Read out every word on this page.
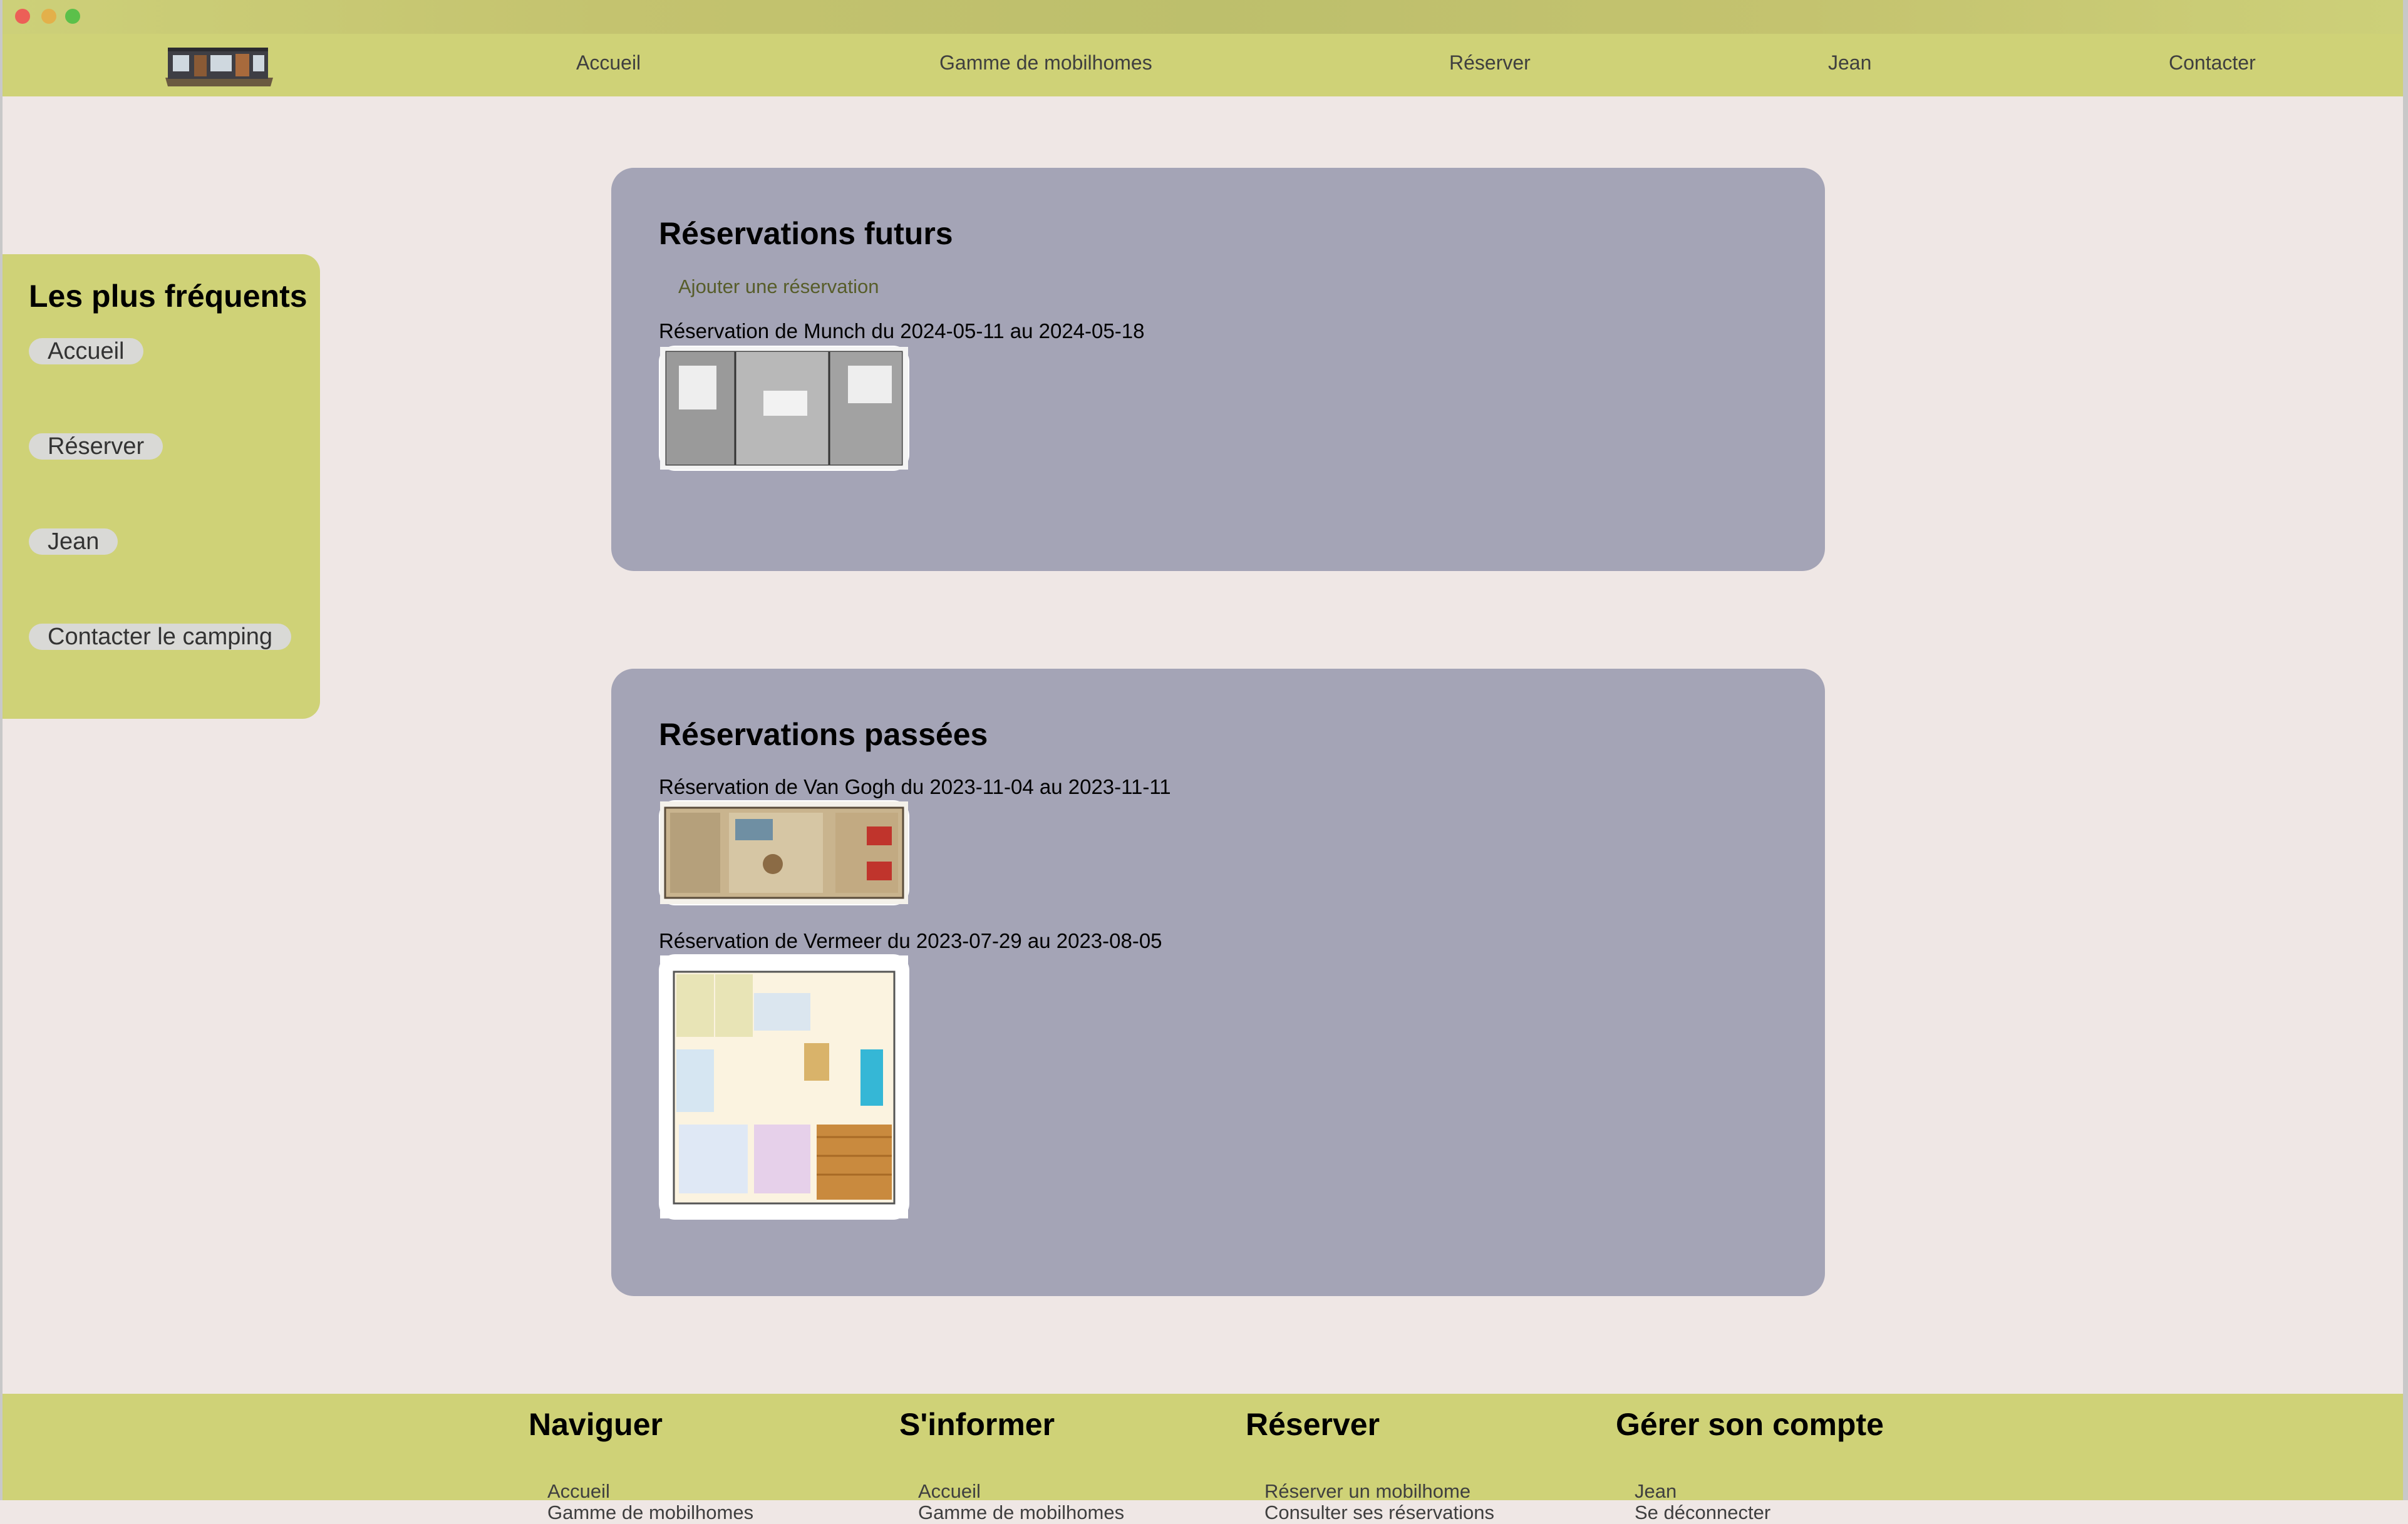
Accueil	Gamme de mobilhomes	Réserver	Jean	Contacter
Les plus fréquents
Accueil
Réserver
Jean
Contacter le camping
Réservations futurs
Ajouter une réservation
Réservation de Munch du 2024-05-11 au 2024-05-18
Réservations passées
Réservation de Van Gogh du 2023-11-04 au 2023-11-11
Réservation de Vermeer du 2023-07-29 au 2023-08-05
Naviguer
Accueil
Gamme de mobilhomes
S'informer
Accueil
Gamme de mobilhomes
Réserver
Réserver un mobilhome
Consulter ses réservations
Gérer son compte
Jean
Se déconnecter
